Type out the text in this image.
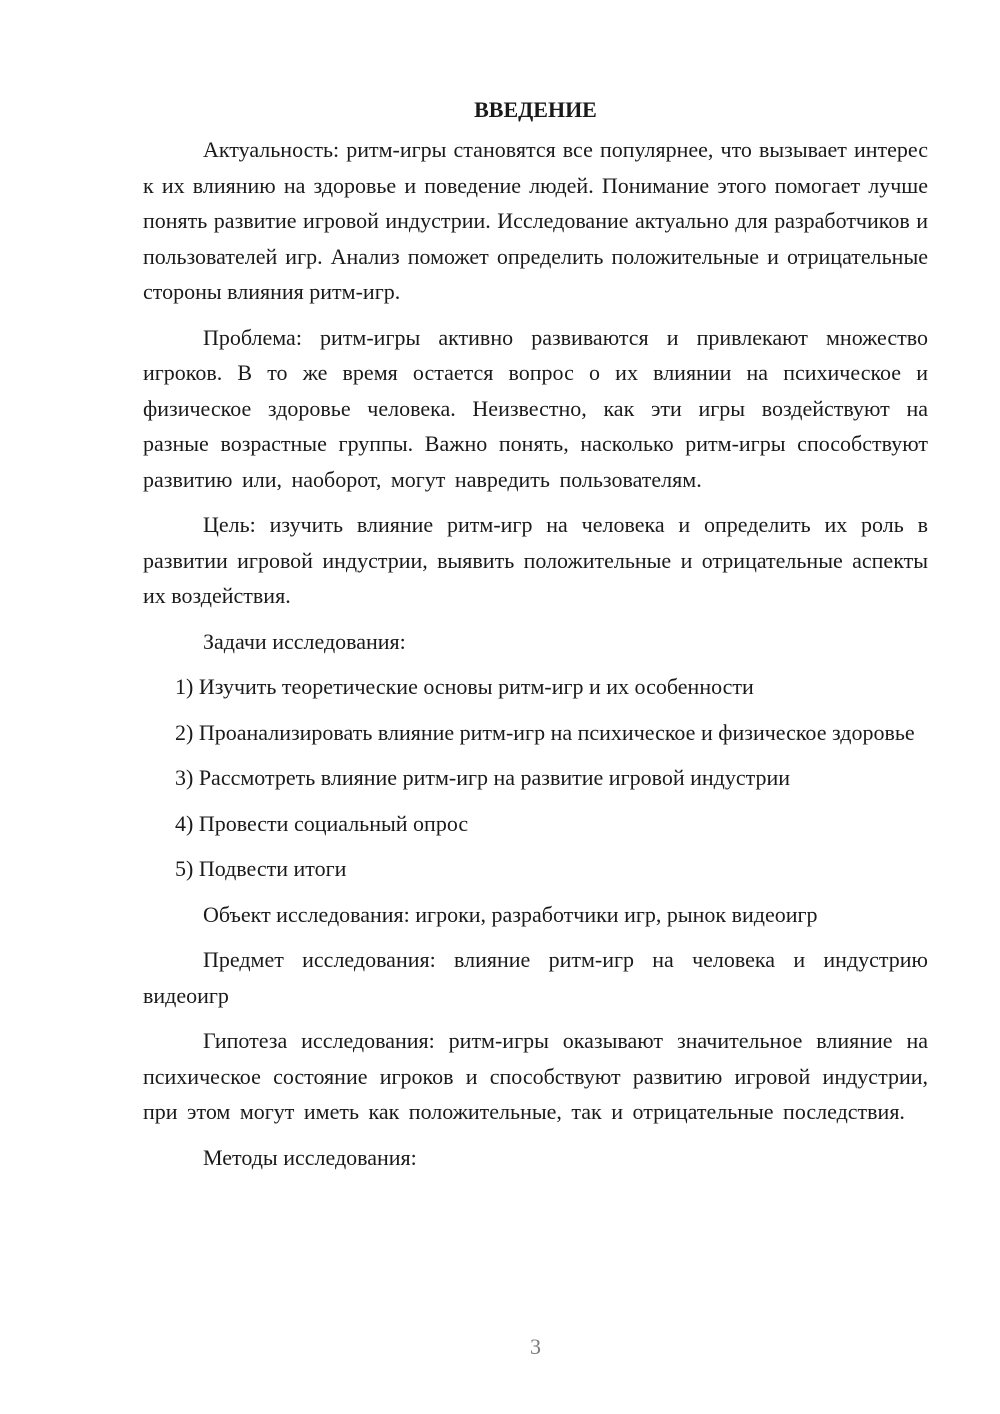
ВВЕДЕНИЕ

Актуальность: ритм-игры становятся все популярнее, что вызывает интерес к их влиянию на здоровье и поведение людей. Понимание этого помогает лучше понять развитие игровой индустрии. Исследование актуально для разработчиков и пользователей игр. Анализ поможет определить положительные и отрицательные стороны влияния ритм-игр.

Проблема: ритм-игры активно развиваются и привлекают множество игроков. В то же время остается вопрос о их влиянии на психическое и физическое здоровье человека. Неизвестно, как эти игры воздействуют на разные возрастные группы. Важно понять, насколько ритм-игры способствуют развитию или, наоборот, могут навредить пользователям.

Цель: изучить влияние ритм-игр на человека и определить их роль в развитии игровой индустрии, выявить положительные и отрицательные аспекты их воздействия.

Задачи исследования:

1) Изучить теоретические основы ритм-игр и их особенности

2) Проанализировать влияние ритм-игр на психическое и физическое здоровье

3) Рассмотреть влияние ритм-игр на развитие игровой индустрии

4) Провести социальный опрос

5) Подвести итоги

Объект исследования: игроки, разработчики игр, рынок видеоигр

Предмет исследования: влияние ритм-игр на человека и индустрию видеоигр

Гипотеза исследования: ритм-игры оказывают значительное влияние на психическое состояние игроков и способствуют развитию игровой индустрии, при этом могут иметь как положительные, так и отрицательные последствия.

Методы исследования:

3
